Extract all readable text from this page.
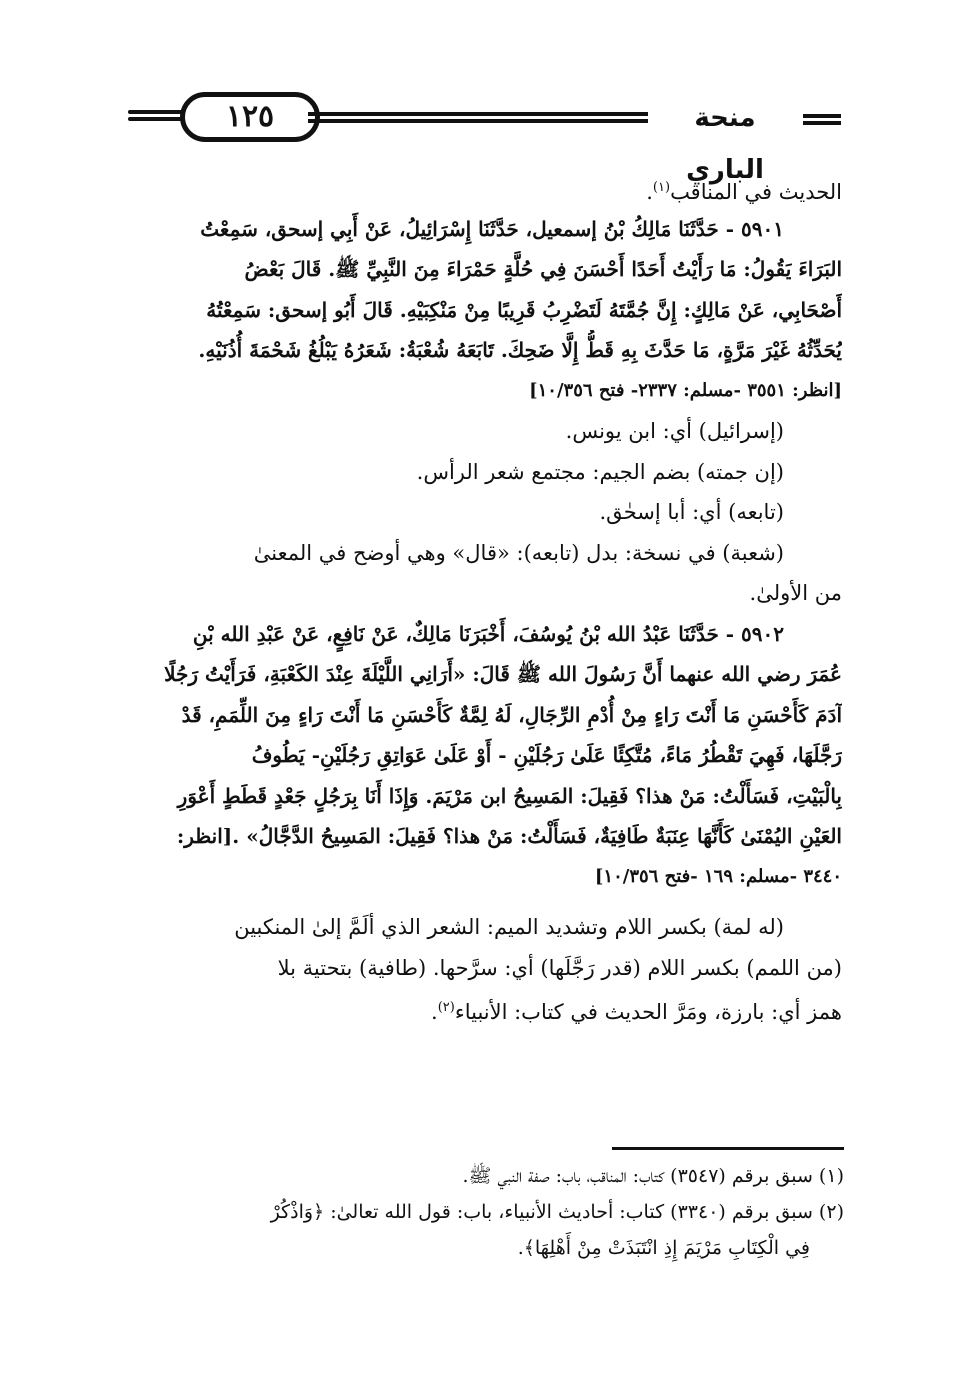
١٢٥	منحة الباري
الحديث في المناقب$^{(١)}$.
٥٩٠١ - حَدَّثَنَا مَالِكُ بْنُ إسمعيل، حَدَّثَنَا إِسْرَائِيلُ، عَنْ أَبِي إسحق، سَمِعْتُ
البَرَاءَ يَقُولُ: مَا رَأَيْتُ أَحَدًا أَحْسَنَ فِي حُلَّةٍ حَمْرَاءَ مِنَ النَّبِيِّ ﷺ. قَالَ بَعْضُ
أَصْحَابِي، عَنْ مَالِكٍ: إِنَّ جُمَّتَهُ لَتَضْرِبُ قَرِيبًا مِنْ مَنْكِبَيْهِ. قَالَ أَبُو إسحق: سَمِعْتُهُ
يُحَدِّثُهُ غَيْرَ مَرَّةٍ، مَا حَدَّثَ بِهِ قَطُّ إِلَّا ضَحِكَ. تَابَعَهُ شُعْبَةُ: شَعَرُهُ يَبْلُغُ شَحْمَةَ أُذُنَيْهِ.
[انظر: ٣٥٥١ -مسلم: ٢٣٣٧- فتح ١٠/٣٥٦]
(إسرائيل) أي: ابن يونس.
(إن جمته) بضم الجيم: مجتمع شعر الرأس.
(تابعه) أي: أبا إسحٰق.
(شعبة) في نسخة: بدل (تابعه): «قال» وهي أوضح في المعنىٰ
من الأولىٰ.
٥٩٠٢ - حَدَّثَنَا عَبْدُ الله بْنُ يُوسُفَ، أَخْبَرَنَا مَالِكٌ، عَنْ نَافِعٍ، عَنْ عَبْدِ الله بْنِ
عُمَرَ رضي الله عنهما أَنَّ رَسُولَ الله ﷺ قَالَ: «أَرَانِي اللَّيْلَةَ عِنْدَ الكَعْبَةِ، فَرَأَيْتُ رَجُلًا
آدَمَ كَأَحْسَنِ مَا أَنْتَ رَاءٍ مِنْ أُدْمِ الرِّجَالِ، لَهُ لِمَّةٌ كَأَحْسَنِ مَا أَنْتَ رَاءٍ مِنَ اللِّمَمِ، قَدْ
رَجَّلَهَا، فَهِيَ تَقْطُرُ مَاءً، مُتَّكِئًا عَلَىٰ رَجُلَيْنِ - أَوْ عَلَىٰ عَوَاتِقِ رَجُلَيْنِ- يَطُوفُ
بِالْبَيْتِ، فَسَأَلْتُ: مَنْ هذا؟ فَقِيلَ: المَسِيحُ ابن مَرْيَمَ. وَإِذَا أَنَا بِرَجُلٍ جَعْدٍ قَطَطٍ أَعْوَرِ
العَيْنِ اليُمْنَىٰ كَأَنَّهَا عِنَبَةٌ طَافِيَةٌ، فَسَأَلْتُ: مَنْ هذا؟ فَقِيلَ: المَسِيحُ الدَّجَّالُ» .[انظر:
٣٤٤٠ -مسلم: ١٦٩ -فتح ١٠/٣٥٦]
(له لمة) بكسر اللام وتشديد الميم: الشعر الذي ألَمَّ إلىٰ المنكبين
(من اللمم) بكسر اللام (قدر رَجَّلَها) أي: سرَّحها. (طافية) بتحتية بلا
همز أي: بارزة، ومَرَّ الحديث في كتاب: الأنبياء$^{(٢)}$.
(١) سبق برقم (٣٥٤٧) كتاب: المناقب، باب: صفة النبي ﷺ.
(٢) سبق برقم (٣٣٤٠) كتاب: أحاديث الأنبياء، باب: قول الله تعالىٰ: ﴿وَاذْكُرْ
فِي الْكِتَابِ مَرْيَمَ إِذِ انْتَبَذَتْ مِنْ أَهْلِهَا﴾.
